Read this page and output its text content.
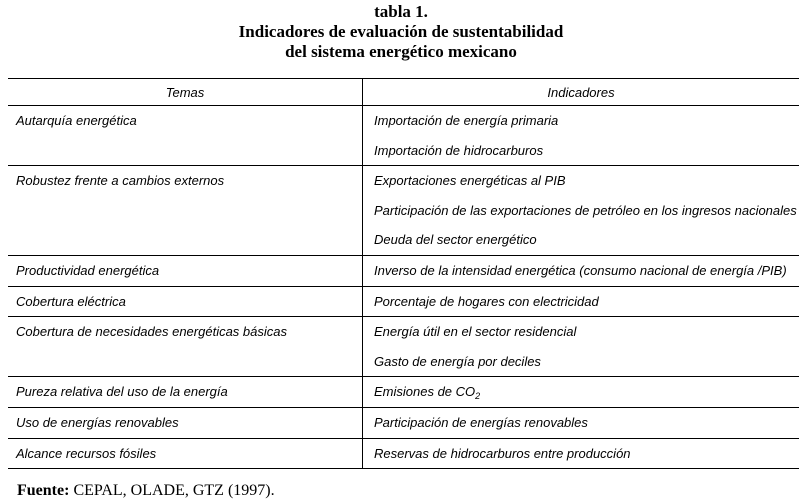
tabla 1.
Indicadores de evaluación de sustentabilidad
del sistema energético mexicano
Temas	Indicadores

Autarquía energética	Importación de energía primaria
Importación de hidrocarburos

Robustez frente a cambios externos	Exportaciones energéticas al PIB
Participación de las exportaciones de petróleo en los ingresos nacionales
Deuda del sector energético

Productividad energética	Inverso de la intensidad energética (consumo nacional de energía /PIB)

Cobertura eléctrica	Porcentaje de hogares con electricidad

Cobertura de necesidades energéticas básicas	Energía útil en el sector residencial
Gasto de energía por deciles

Pureza relativa del uso de la energía	Emisiones de $CO_2$

Uso de energías renovables	Participación de energías renovables

Alcance recursos fósiles	Reservas de hidrocarburos entre producción
Fuente: CEPAL, OLADE, GTZ (1997).
